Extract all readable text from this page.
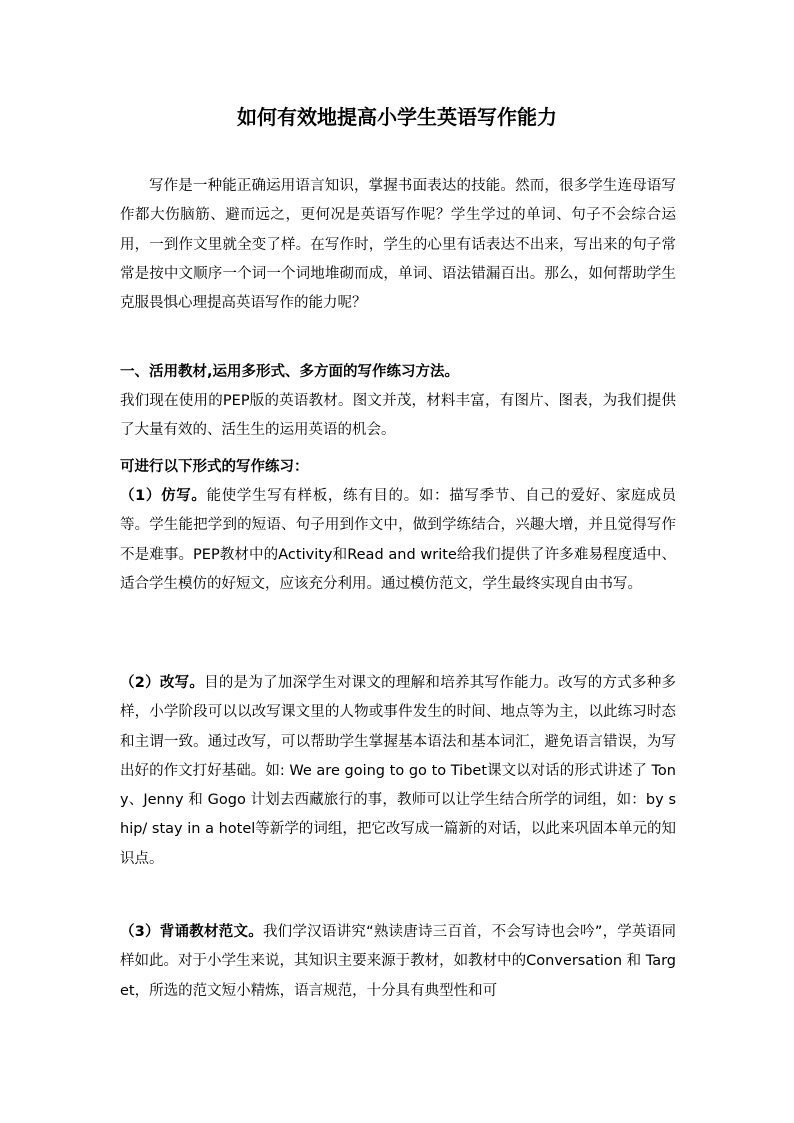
如何有效地提高小学生英语写作能力

写作是一种能正确运用语言知识，掌握书面表达的技能。然而，很多学生连母语写作都大伤脑筋、避而远之，更何况是英语写作呢？学生学过的单词、句子不会综合运用，一到作文里就全变了样。在写作时，学生的心里有话表达不出来，写出来的句子常常是按中文顺序一个词一个词地堆砌而成，单词、语法错漏百出。那么，如何帮助学生克服畏惧心理提高英语写作的能力呢？

一、活用教材,运用多形式、多方面的写作练习方法。

我们现在使用的PEP版的英语教材。图文并茂，材料丰富，有图片、图表，为我们提供了大量有效的、活生生的运用英语的机会。

可进行以下形式的写作练习：

（1）仿写。能使学生写有样板，练有目的。如：描写季节、自己的爱好、家庭成员等。学生能把学到的短语、句子用到作文中，做到学练结合，兴趣大增，并且觉得写作不是难事。PEP教材中的Activity和Read and write给我们提供了许多难易程度适中、适合学生模仿的好短文，应该充分利用。通过模仿范文，学生最终实现自由书写。

（2）改写。目的是为了加深学生对课文的理解和培养其写作能力。改写的方式多种多样，小学阶段可以以改写课文里的人物或事件发生的时间、地点等为主，以此练习时态和主谓一致。通过改写，可以帮助学生掌握基本语法和基本词汇，避免语言错误，为写出好的作文打好基础。如: We are going to go to Tibet课文以对话的形式讲述了 Tony、Jenny 和 Gogo 计划去西藏旅行的事，教师可以让学生结合所学的词组，如：by ship/ stay in a hotel等新学的词组，把它改写成一篇新的对话，以此来巩固本单元的知识点。

（3）背诵教材范文。我们学汉语讲究“熟读唐诗三百首，不会写诗也会吟”，学英语同样如此。对于小学生来说，其知识主要来源于教材，如教材中的Conversation 和 Target，所选的范文短小精炼，语言规范，十分具有典型性和可
